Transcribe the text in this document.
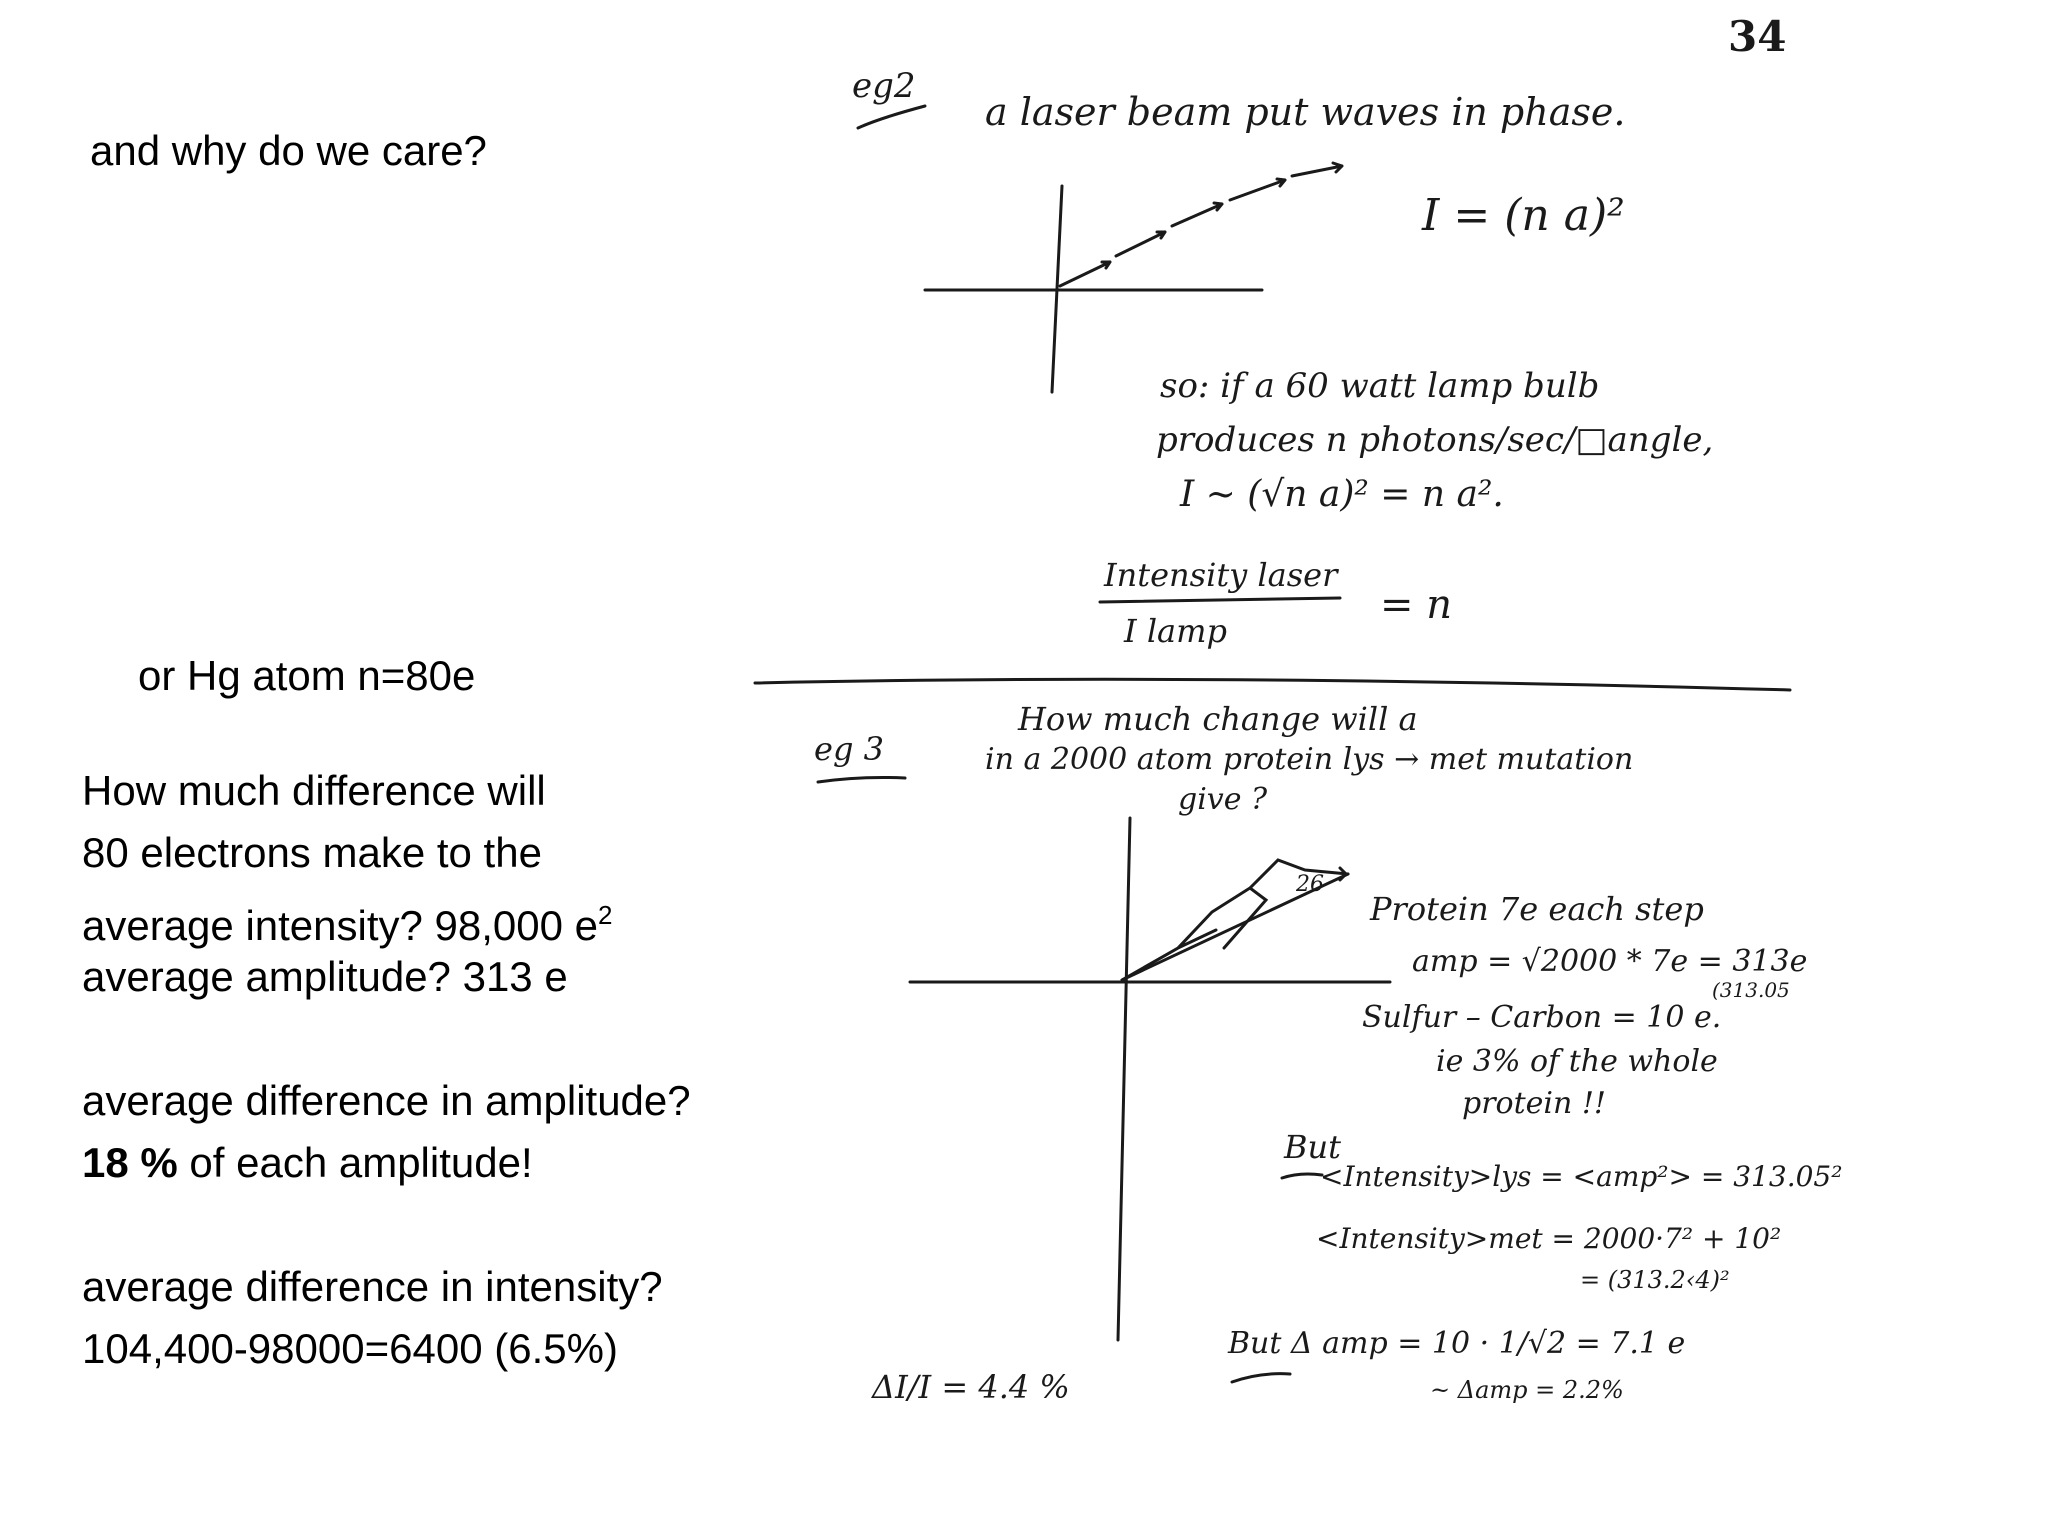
34
and why do we care?
or Hg atom n=80e
How much difference will
80 electrons make to the
average intensity? 98,000 $e^2$
average amplitude? 313 e
average difference in amplitude?
18 % of each amplitude!
average difference in intensity?
104,400-98000=6400 (6.5%)
eg2
a laser beam put waves in phase.
I = (n a)²
so: if a 60 watt lamp bulb
produces n photons/sec/□angle,
I ~ (√n a)² = n a².
Intensity laser
I lamp
= n
eg 3
How much change will a
in a 2000 atom protein lys → met mutation
give ?
26
Protein 7e each step
amp = √2000 * 7e = 313e
(313.05
Sulfur – Carbon = 10 e.
ie 3% of the whole
protein !!
But
<Intensity>lys = <amp²> = 313.05²
<Intensity>met = 2000·7² + 10²
= (313.2‹4)²
But Δ amp = 10 · 1/√2 = 7.1 e
~ Δamp = 2.2%
ΔI/I = 4.4 %
